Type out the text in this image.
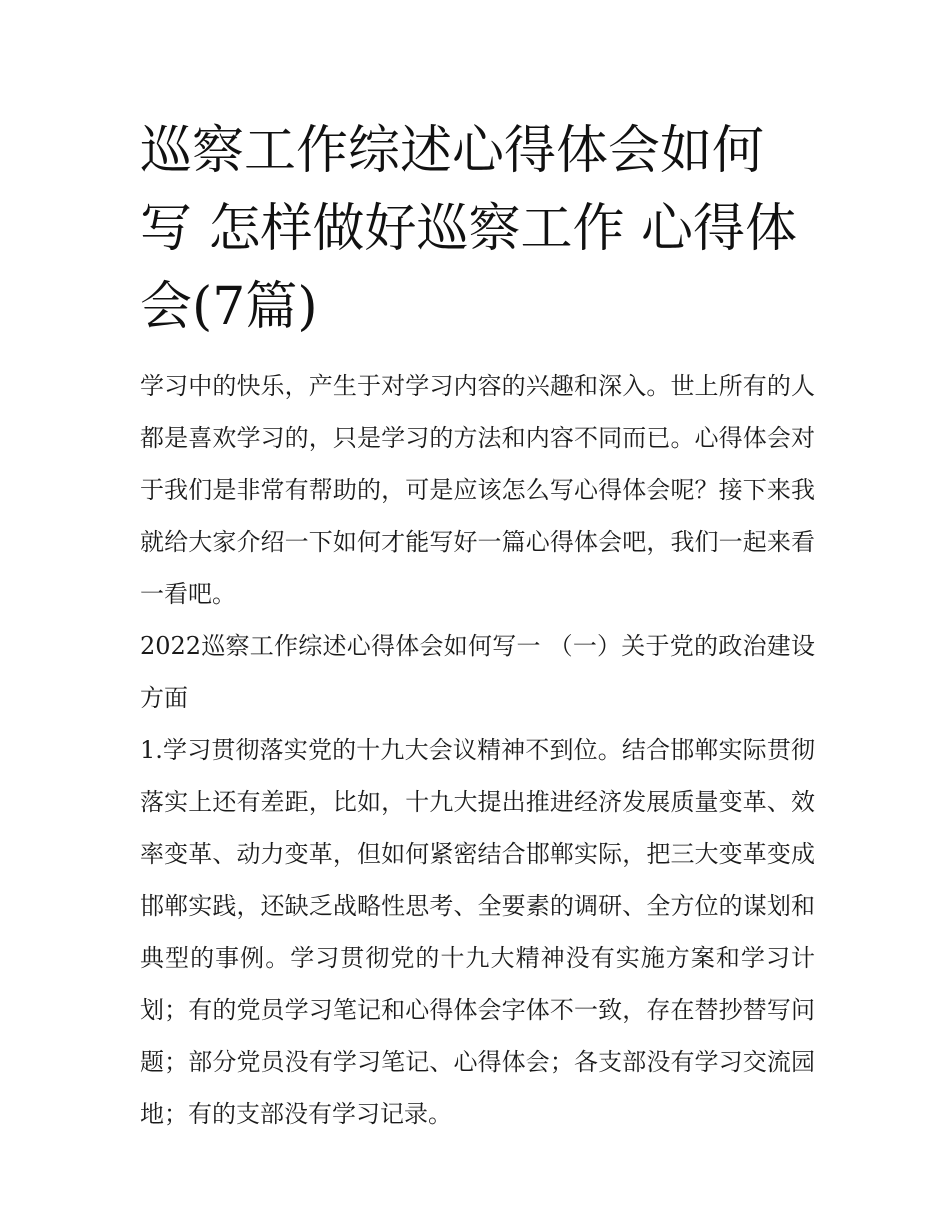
巡察工作综述心得体会如何写 怎样做好巡察工作 心得体会(7篇)

学习中的快乐，产生于对学习内容的兴趣和深入。世上所有的人都是喜欢学习的，只是学习的方法和内容不同而已。心得体会对于我们是非常有帮助的，可是应该怎么写心得体会呢？接下来我就给大家介绍一下如何才能写好一篇心得体会吧，我们一起来看一看吧。

2022巡察工作综述心得体会如何写一 （一）关于党的政治建设方面

1.学习贯彻落实党的十九大会议精神不到位。结合邯郸实际贯彻落实上还有差距，比如，十九大提出推进经济发展质量变革、效率变革、动力变革，但如何紧密结合邯郸实际，把三大变革变成邯郸实践，还缺乏战略性思考、全要素的调研、全方位的谋划和典型的事例。学习贯彻党的十九大精神没有实施方案和学习计划；有的党员学习笔记和心得体会字体不一致，存在替抄替写问题；部分党员没有学习笔记、心得体会；各支部没有学习交流园地；有的支部没有学习记录。
